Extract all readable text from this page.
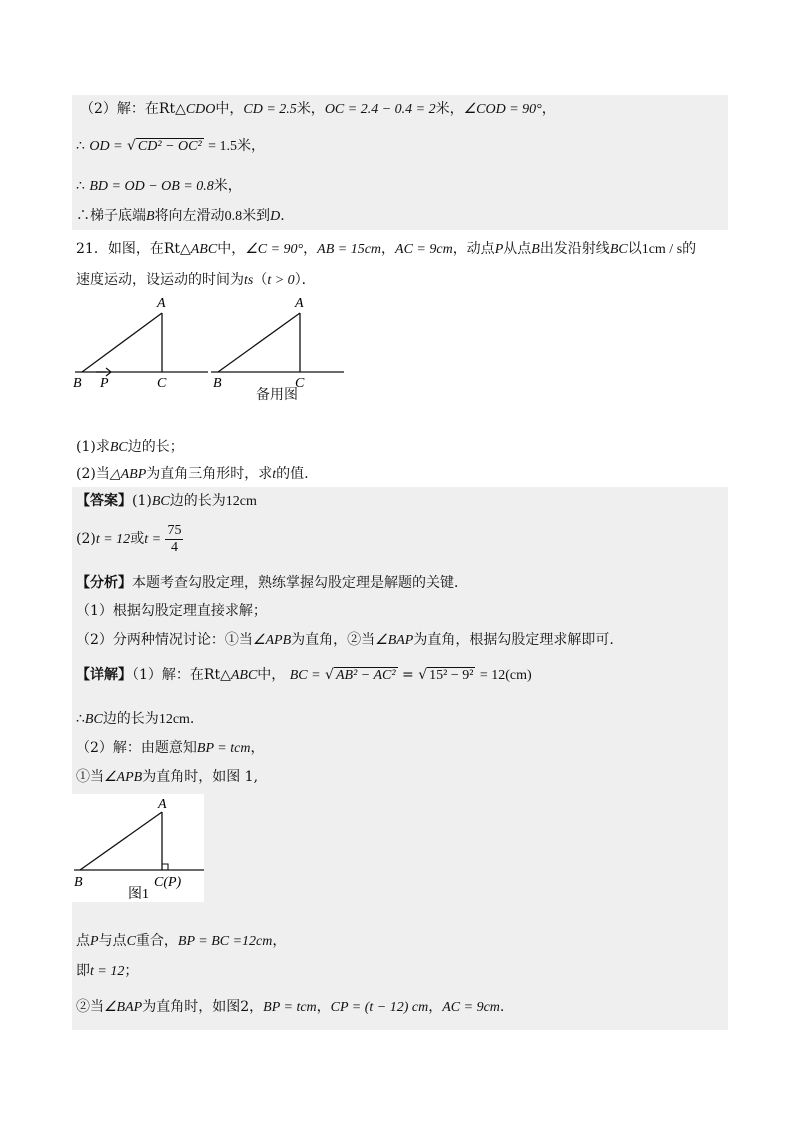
（2）解：在Rt△CDO中，CD = 2.5米，OC = 2.4 − 0.4 = 2米，∠COD = 90°，
∴ OD = √ CD² − OC² = 1.5米，
∴ BD = OD − OB = 0.8米，
∴梯子底端B将向左滑动0.8米到D.
21．如图，在Rt△ABC中，∠C = 90°，AB = 15cm，AC = 9cm，动点P从点B出发沿射线BC以1cm / s的
速度运动，设运动的时间为ts（t > 0）．
A
B P	C
A
B	C
备用图
(1)求BC边的长；
(2)当△ABP为直角三角形时，求t的值.
【答案】(1)BC边的长为12cm
(2)t = 12或$t = \frac{75}{4}$
【分析】本题考查勾股定理，熟练掌握勾股定理是解题的关键．
（1）根据勾股定理直接求解；
（2）分两种情况讨论：①当∠APB为直角，②当∠BAP为直角，根据勾股定理求解即可.
【详解】（1）解：在Rt△ABC中， BC = √ AB² − AC² = √ 15² − 9² = 12(cm)
∴BC边的长为12cm.
（2）解：由题意知BP = tcm，
①当∠APB为直角时，如图 1,
A
B	C(P)
图1
点P与点C重合，BP = BC =12cm，
即t = 12；
②当∠BAP为直角时，如图2，BP = tcm，CP = (t − 12) cm，AC = 9cm.
